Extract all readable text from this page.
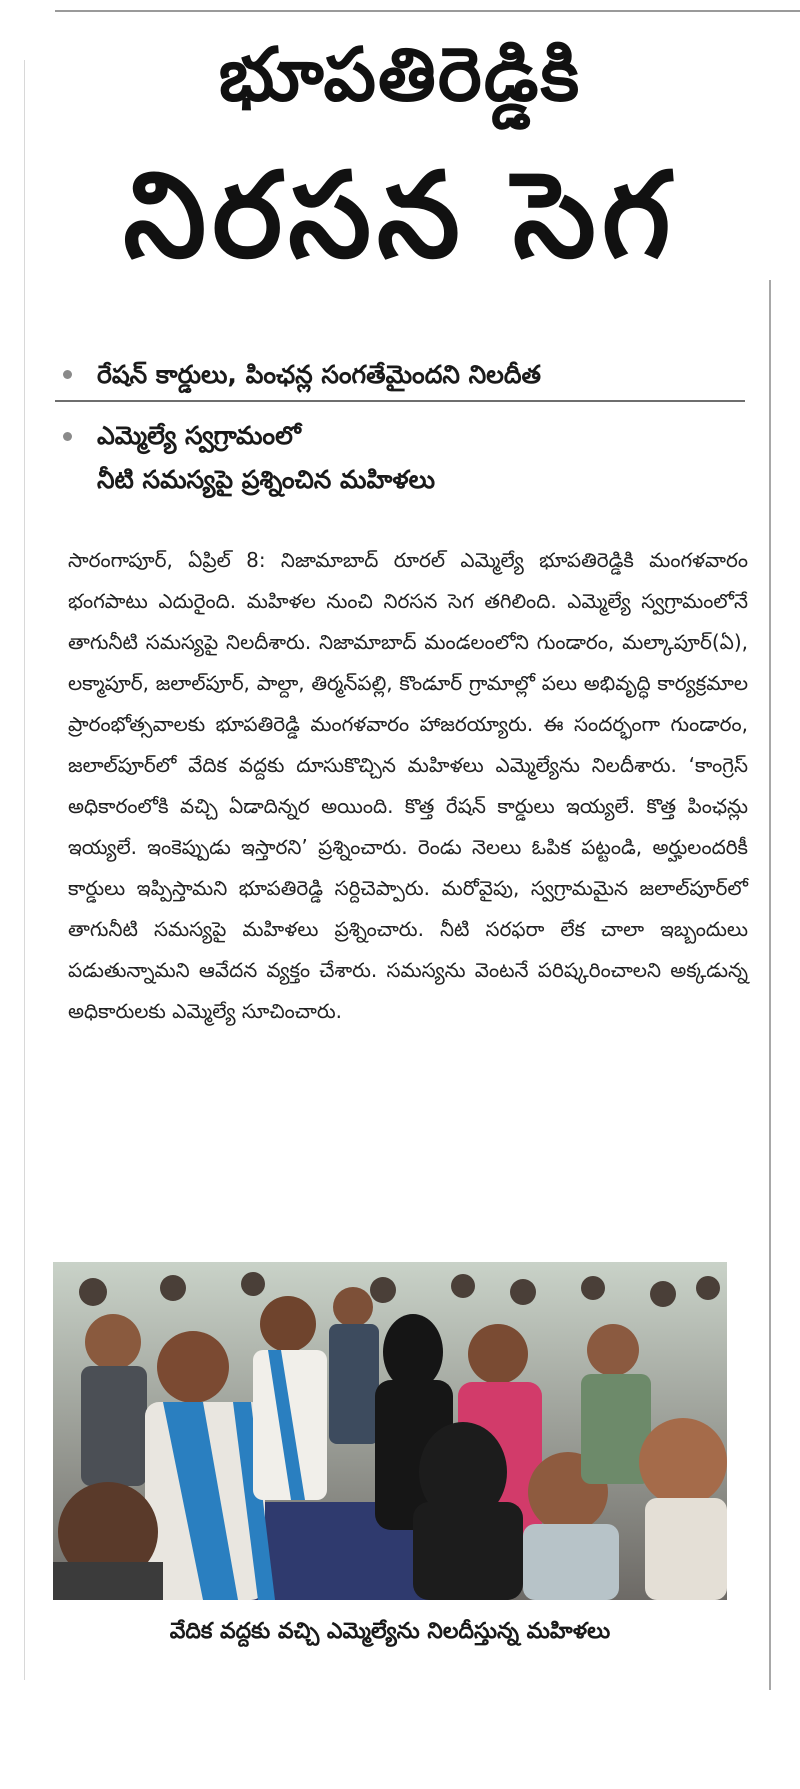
భూపతిరెడ్డికి
నిరసన సెగ
రేషన్‌ కార్డులు, పింఛన్ల సంగతేమైందని నిలదీత
ఎమ్మెల్యే స్వగ్రామంలో
నీటి సమస్యపై ప్రశ్నించిన మహిళలు

సారంగాపూర్‌, ఏప్రిల్‌ 8: నిజామాబాద్‌ రూరల్‌ ఎమ్మెల్యే భూపతిరెడ్డికి మంగళవారం భంగపాటు ఎదురైంది. మహిళల నుంచి నిరసన సెగ తగిలింది. ఎమ్మెల్యే స్వగ్రామంలోనే తాగునీటి సమస్యపై నిలదీశారు. నిజామాబాద్‌ మండలంలోని గుండారం, మల్కాపూర్‌(ఏ), లక్మాపూర్‌, జలాల్‌పూర్‌, పాల్దా, తిర్మన్‌పల్లి, కొండూర్‌ గ్రామాల్లో పలు అభివృద్ధి కార్యక్రమాల ప్రారంభోత్సవాలకు భూపతిరెడ్డి మంగళవారం హాజరయ్యారు. ఈ సందర్భంగా గుండారం, జలాల్‌పూర్‌లో వేదిక వద్దకు దూసుకొచ్చిన మహిళలు ఎమ్మెల్యేను నిలదీశారు. ‘కాంగ్రెస్‌ అధికారంలోకి వచ్చి ఏడాదిన్నర అయింది. కొత్త రేషన్‌ కార్డులు ఇయ్యలే. కొత్త పింఛన్లు ఇయ్యలే. ఇంకెప్పుడు ఇస్తారని’ ప్రశ్నించారు. రెండు నెలలు ఓపిక పట్టండి, అర్హులందరికీ కార్డులు ఇప్పిస్తామని భూపతిరెడ్డి సర్దిచెప్పారు. మరోవైపు, స్వగ్రామమైన జలాల్‌పూర్‌లో తాగునీటి సమస్యపై మహిళలు ప్రశ్నించారు. నీటి సరఫరా లేక చాలా ఇబ్బందులు పడుతున్నామని ఆవేదన వ్యక్తం చేశారు. సమస్యను వెంటనే పరిష్కరించాలని అక్కడున్న అధికారులకు ఎమ్మెల్యే సూచించారు.

వేదిక వద్దకు వచ్చి ఎమ్మెల్యేను నిలదీస్తున్న మహిళలు
